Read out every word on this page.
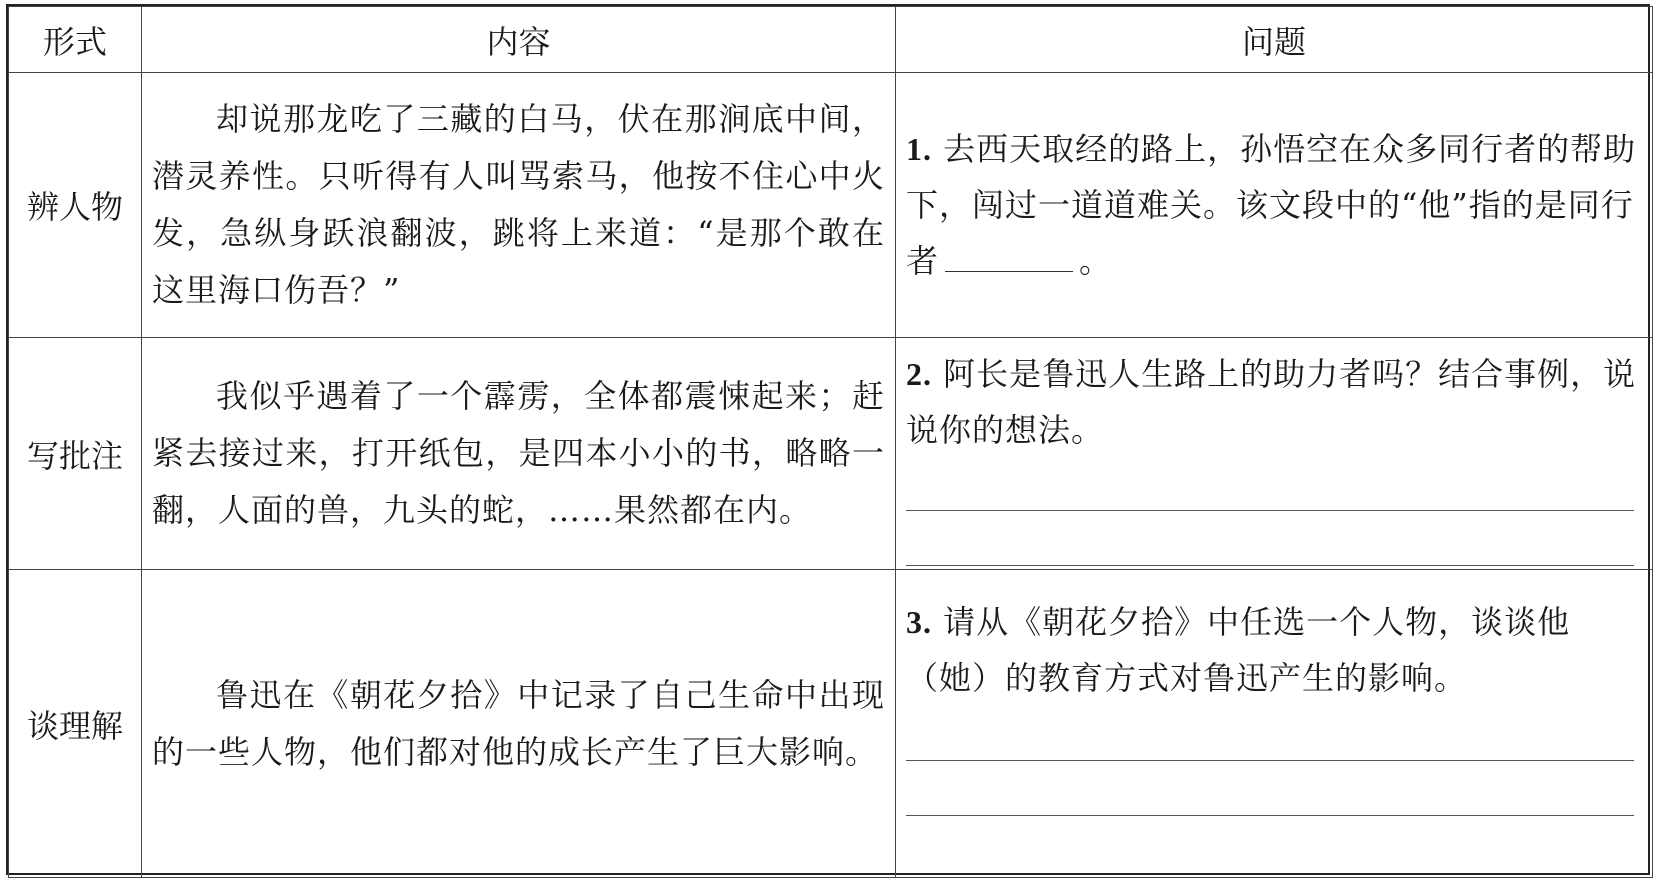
形式	内容	问题
辨人物	却说那龙吃了三藏的白马，伏在那涧底中间，潜灵养性。只听得有人叫骂索马，他按不住心中火发，急纵身跃浪翻波，跳将上来道：“是那个敢在这里海口伤吾？”	1. 去西天取经的路上，孙悟空在众多同行者的帮助下，闯过一道道难关。该文段中的“他”指的是同行者 。

写批注	我似乎遇着了一个霹雳，全体都震悚起来；赶紧去接过来，打开纸包，是四本小小的书，略略一翻，人面的兽，九头的蛇，……果然都在内。	2. 阿长是鲁迅人生路上的助力者吗？结合事例，说说你的想法。

谈理解	鲁迅在《朝花夕拾》中记录了自己生命中出现的一些人物，他们都对他的成长产生了巨大影响。	3. 请从《朝花夕拾》中任选一个人物，谈谈他（她）的教育方式对鲁迅产生的影响。
